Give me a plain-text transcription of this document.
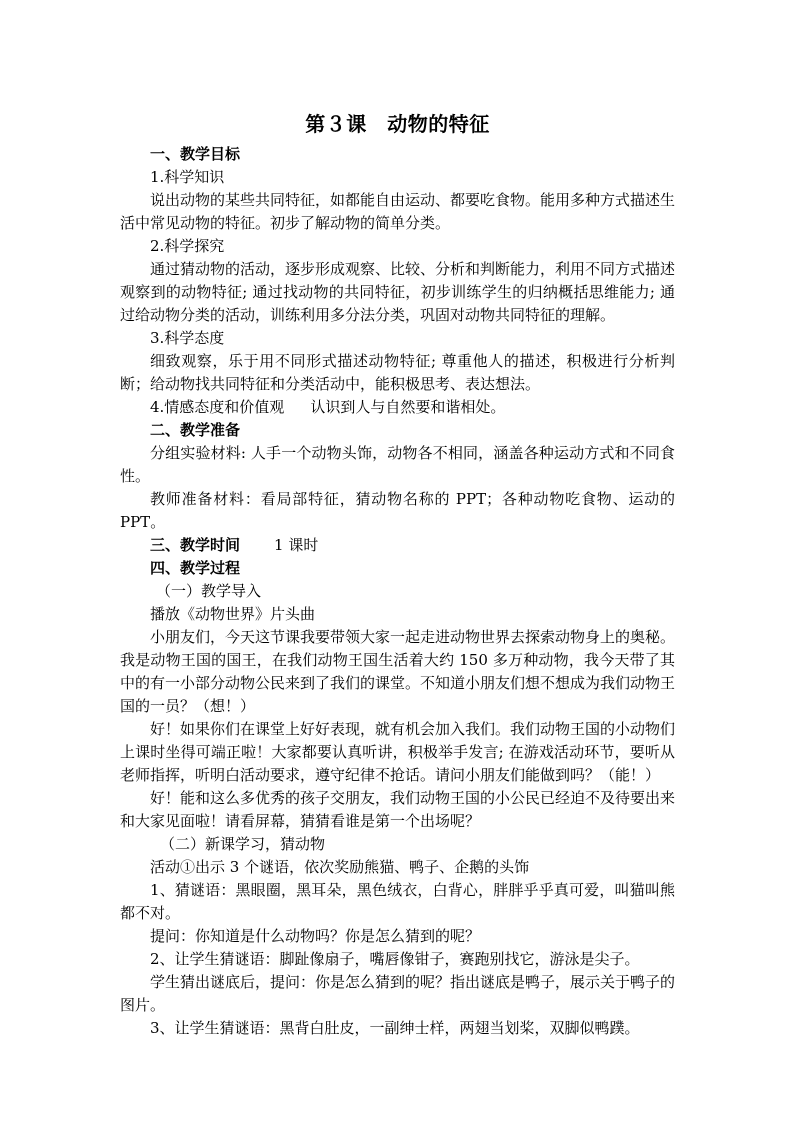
第３课　动物的特征

一、教学目标

1.科学知识

说出动物的某些共同特征，如都能自由运动、都要吃食物。能用多种方式描述生活中常见动物的特征。初步了解动物的简单分类。

2.科学探究

通过猜动物的活动，逐步形成观察、比较、分析和判断能力，利用不同方式描述观察到的动物特征; 通过找动物的共同特征，初步训练学生的归纳概括思维能力; 通过给动物分类的活动，训练利用多分法分类，巩固对动物共同特征的理解。

3.科学态度

细致观察，乐于用不同形式描述动物特征; 尊重他人的描述，积极进行分析判断；给动物找共同特征和分类活动中，能积极思考、表达想法。

4.情感态度和价值观 认识到人与自然要和谐相处。

二、教学准备

分组实验材料: 人手一个动物头饰，动物各不相同，涵盖各种运动方式和不同食性。

教师准备材料：看局部特征，猜动物名称的 PPT；各种动物吃食物、运动的 PPT。

三、教学时间 1 课时

四、教学过程

（一）教学导入

播放《动物世界》片头曲

小朋友们，今天这节课我要带领大家一起走进动物世界去探索动物身上的奥秘。我是动物王国的国王，在我们动物王国生活着大约 150 多万种动物，我今天带了其中的有一小部分动物公民来到了我们的课堂。不知道小朋友们想不想成为我们动物王国的一员？（想！）

好！如果你们在课堂上好好表现，就有机会加入我们。我们动物王国的小动物们上课时坐得可端正啦！大家都要认真听讲，积极举手发言; 在游戏活动环节，要听从老师指挥，听明白活动要求，遵守纪律不抢话。请问小朋友们能做到吗？（能！）

好！能和这么多优秀的孩子交朋友，我们动物王国的小公民已经迫不及待要出来和大家见面啦！请看屏幕，猜猜看谁是第一个出场呢？

（二）新课学习，猜动物

活动①出示 3 个谜语，依次奖励熊猫、鸭子、企鹅的头饰

1、猜谜语：黑眼圈，黑耳朵，黑色绒衣，白背心，胖胖乎乎真可爱，叫猫叫熊都不对。

提问：你知道是什么动物吗？你是怎么猜到的呢？

2、让学生猜谜语：脚趾像扇子，嘴唇像钳子，赛跑别找它，游泳是尖子。

学生猜出谜底后，提问：你是怎么猜到的呢？指出谜底是鸭子，展示关于鸭子的图片。

3、让学生猜谜语：黑背白肚皮，一副绅士样，两翅当划桨，双脚似鸭蹼。
